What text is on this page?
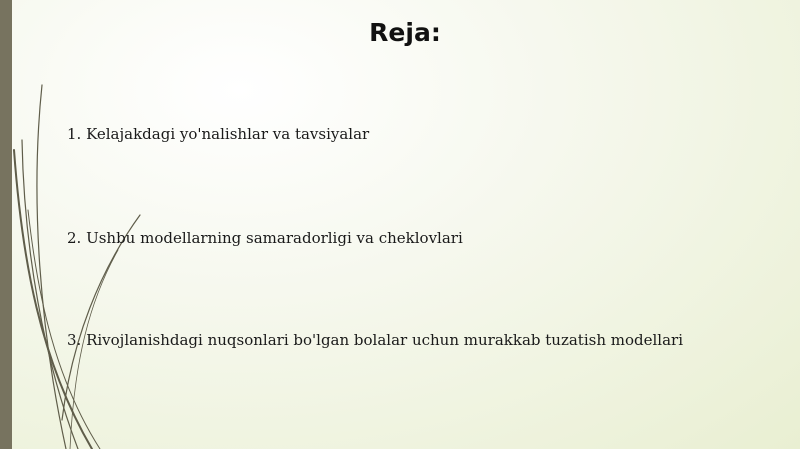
Reja:
1. Kelajakdagi yo'nalishlar va tavsiyalar
2. Ushbu modellarning samaradorligi va cheklovlari
3. Rivojlanishdagi nuqsonlari bo'lgan bolalar uchun murakkab tuzatish modellari
